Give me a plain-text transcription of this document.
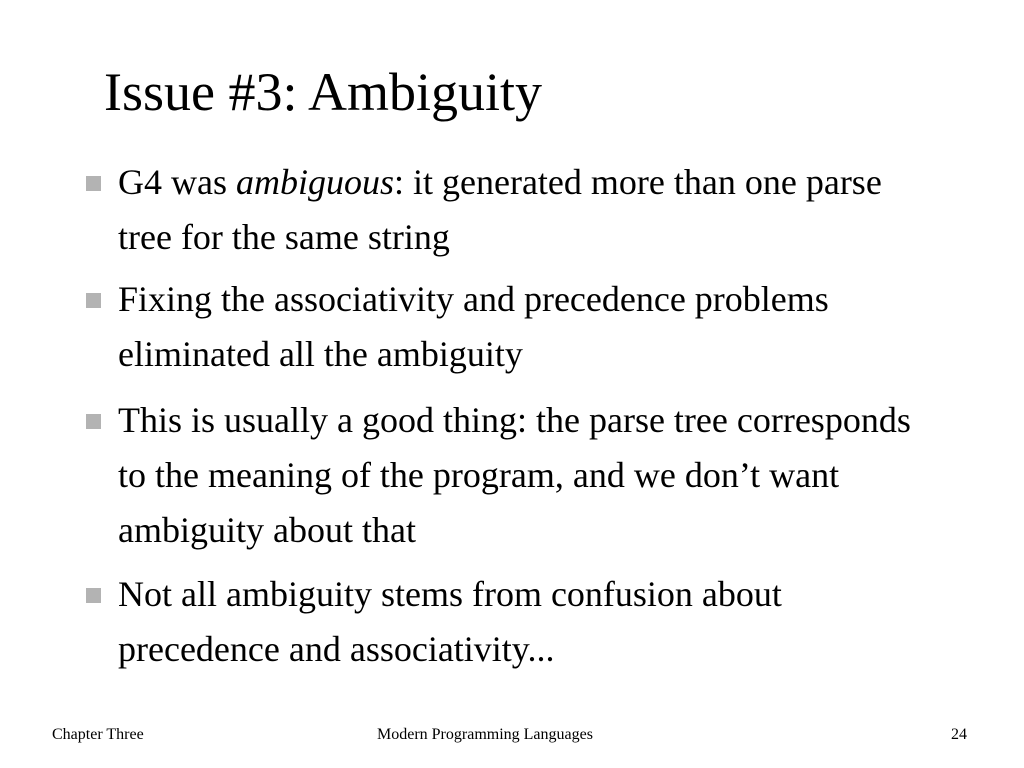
Issue #3: Ambiguity
G4 was ambiguous: it generated more than one parse tree for the same string
Fixing the associativity and precedence problems eliminated all the ambiguity
This is usually a good thing: the parse tree corresponds to the meaning of the program, and we don’t want ambiguity about that
Not all ambiguity stems from confusion about precedence and associativity...
Chapter Three	Modern Programming Languages	24
